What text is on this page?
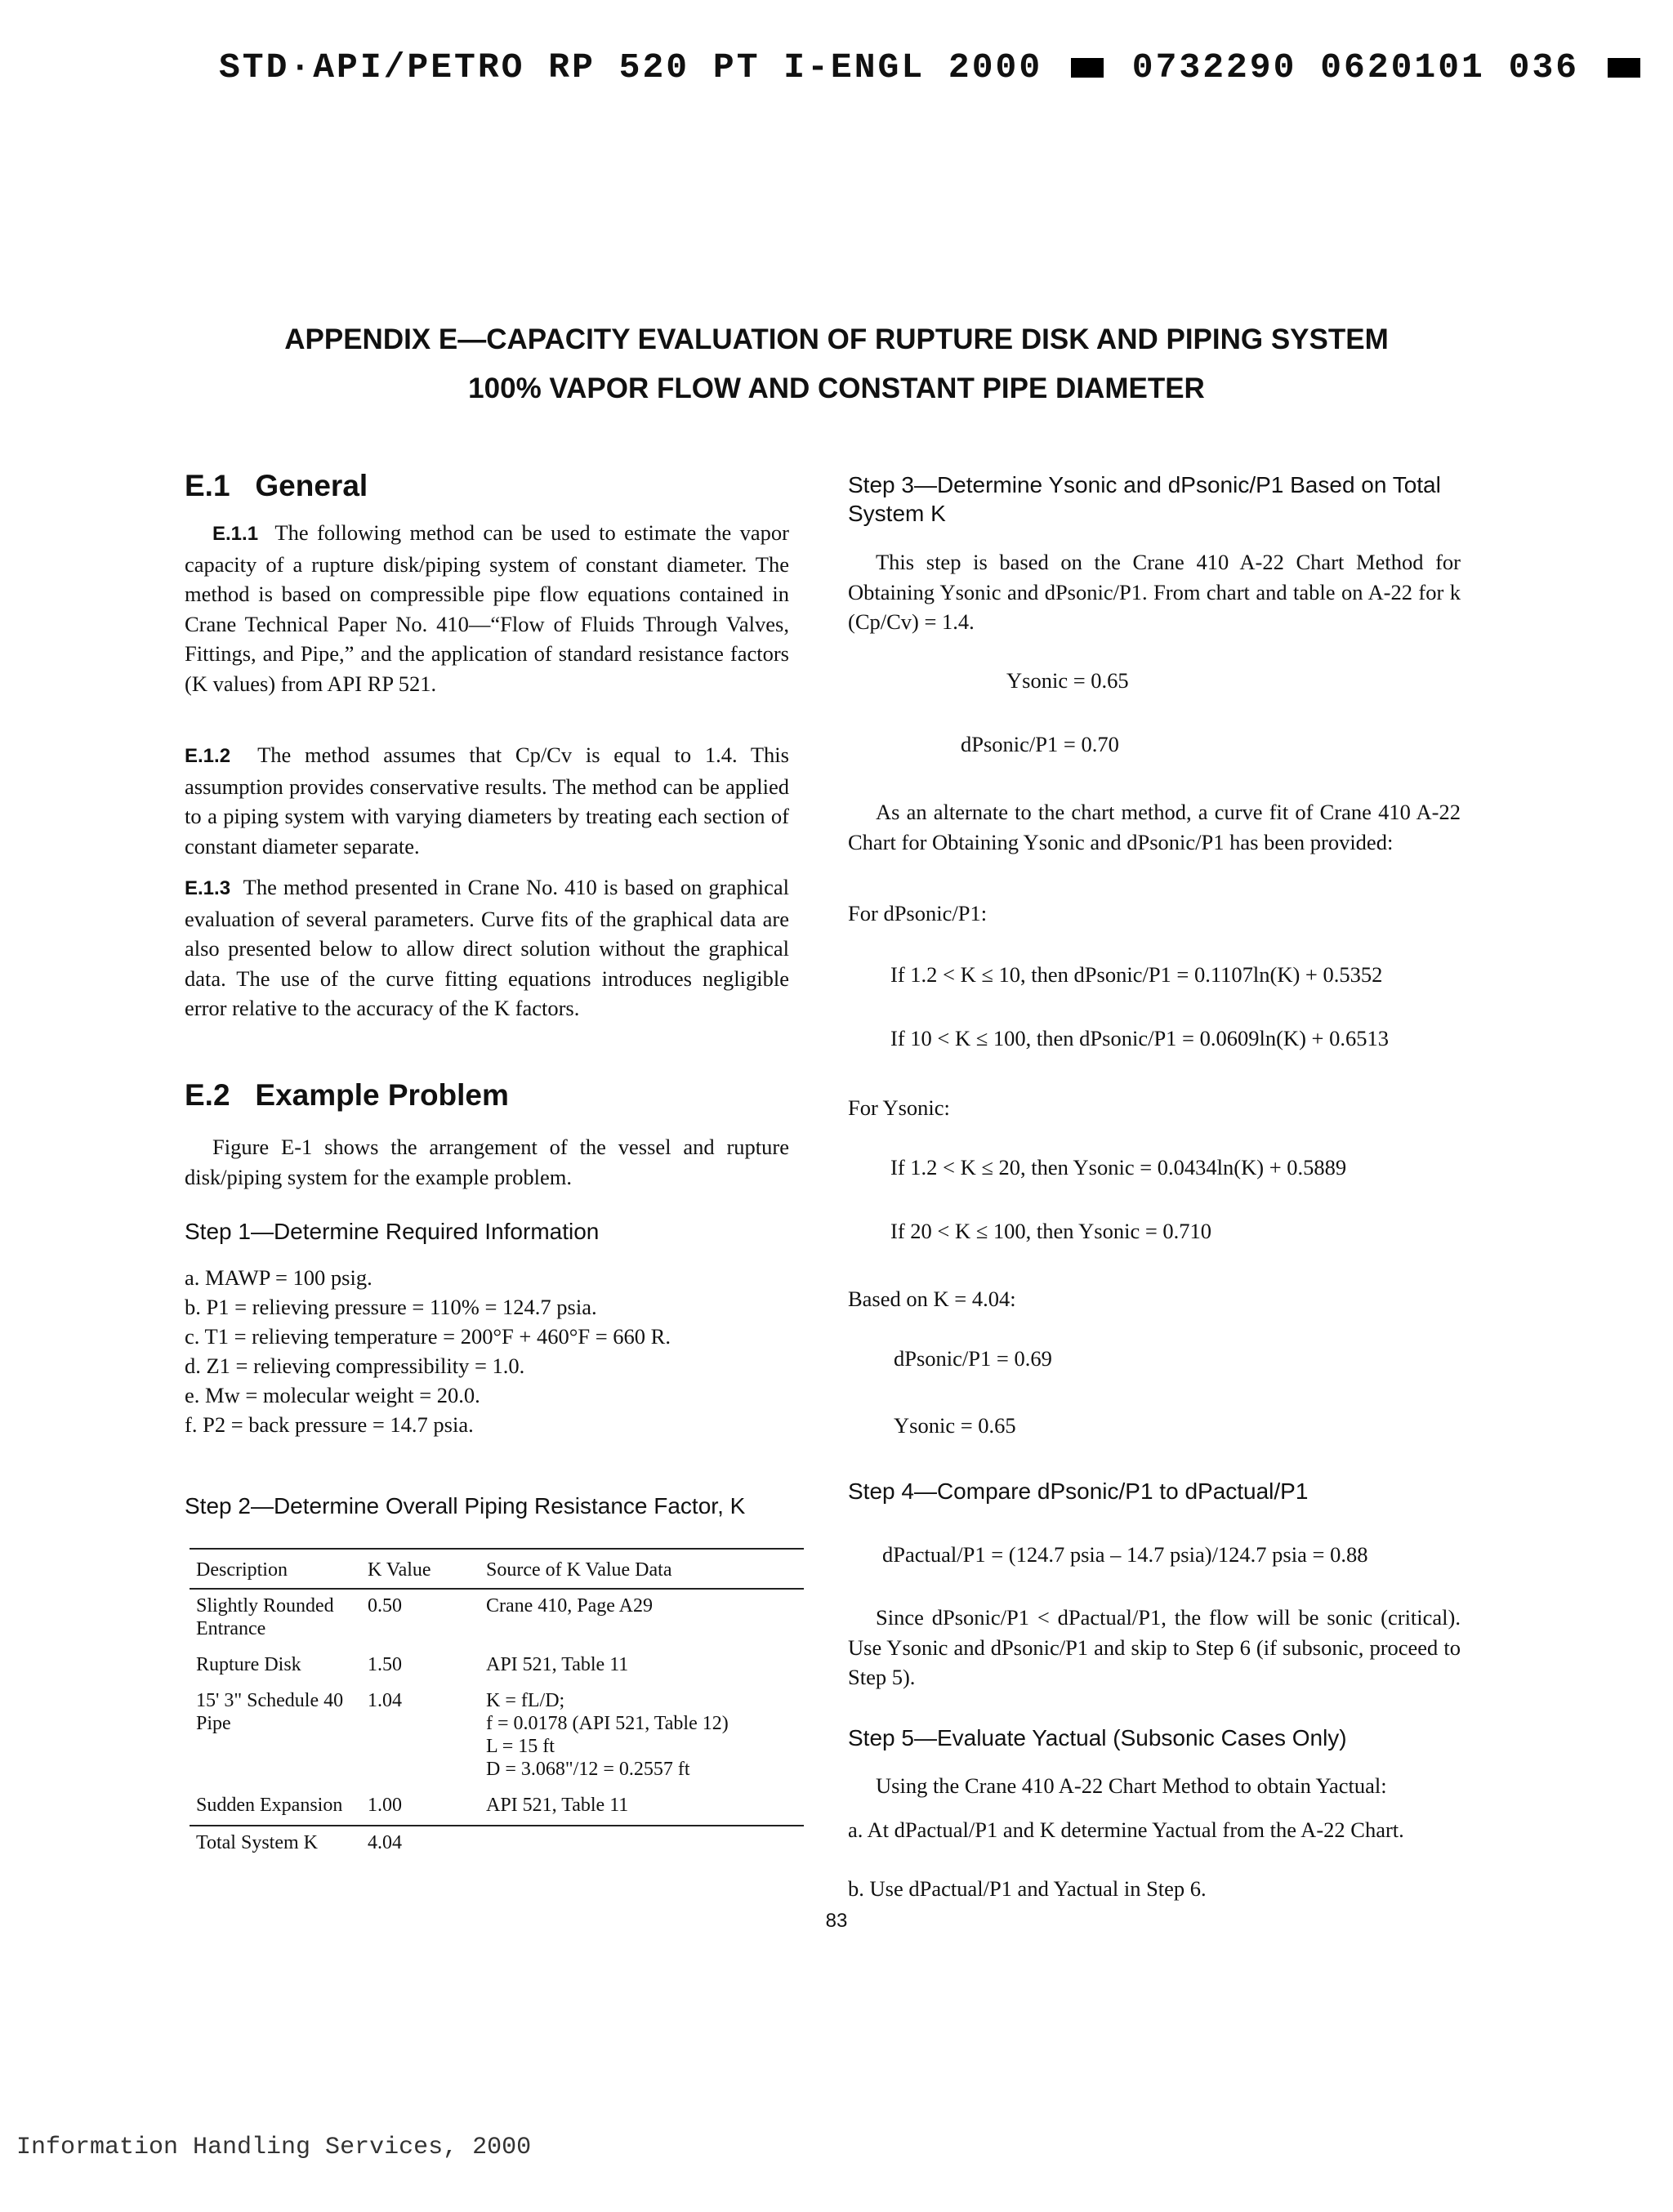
STD·API/PETRO RP 520 PT I-ENGL 2000	0732290 0620101 036
APPENDIX E—CAPACITY EVALUATION OF RUPTURE DISK AND PIPING SYSTEM
100% VAPOR FLOW AND CONSTANT PIPE DIAMETER
E.1 General
E.1.1 The following method can be used to estimate the vapor capacity of a rupture disk/piping system of constant diameter. The method is based on compressible pipe flow equations contained in Crane Technical Paper No. 410—“Flow of Fluids Through Valves, Fittings, and Pipe,” and the application of standard resistance factors (K values) from API RP 521.
E.1.2 The method assumes that Cp/Cv is equal to 1.4. This assumption provides conservative results. The method can be applied to a piping system with varying diameters by treating each section of constant diameter separate.
E.1.3 The method presented in Crane No. 410 is based on graphical evaluation of several parameters. Curve fits of the graphical data are also presented below to allow direct solution without the graphical data. The use of the curve fitting equations introduces negligible error relative to the accuracy of the K factors.
E.2 Example Problem
Figure E-1 shows the arrangement of the vessel and rupture disk/piping system for the example problem.
Step 1—Determine Required Information
a. MAWP = 100 psig.
b. P1 = relieving pressure = 110% = 124.7 psia.
c. T1 = relieving temperature = 200°F + 460°F = 660 R.
d. Z1 = relieving compressibility = 1.0.
e. Mw = molecular weight = 20.0.
f. P2 = back pressure = 14.7 psia.
Step 2—Determine Overall Piping Resistance Factor, K
Description	K Value	Source of K Value Data
Slightly Rounded Entrance	0.50	Crane 410, Page A29
Rupture Disk	1.50	API 521, Table 11
15' 3" Schedule 40 Pipe	1.04	K = fL/D;
f = 0.0178 (API 521, Table 12)
L = 15 ft
D = 3.068"/12 = 0.2557 ft
Sudden Expansion	1.00	API 521, Table 11
Total System K	4.04	
Step 3—Determine Ysonic and dPsonic/P1 Based on Total System K
This step is based on the Crane 410 A-22 Chart Method for Obtaining Ysonic and dPsonic/P1. From chart and table on A-22 for k (Cp/Cv) = 1.4.
Ysonic = 0.65
dPsonic/P1 = 0.70
As an alternate to the chart method, a curve fit of Crane 410 A-22 Chart for Obtaining Ysonic and dPsonic/P1 has been provided:
For dPsonic/P1:
If 1.2 < K ≤ 10, then dPsonic/P1 = 0.1107ln(K) + 0.5352
If 10 < K ≤ 100, then dPsonic/P1 = 0.0609ln(K) + 0.6513
For Ysonic:
If 1.2 < K ≤ 20, then Ysonic = 0.0434ln(K) + 0.5889
If 20 < K ≤ 100, then Ysonic = 0.710
Based on K = 4.04:
dPsonic/P1 = 0.69
Ysonic = 0.65
Step 4—Compare dPsonic/P1 to dPactual/P1
dPactual/P1 = (124.7 psia – 14.7 psia)/124.7 psia = 0.88
Since dPsonic/P1 < dPactual/P1, the flow will be sonic (critical). Use Ysonic and dPsonic/P1 and skip to Step 6 (if subsonic, proceed to Step 5).
Step 5—Evaluate Yactual (Subsonic Cases Only)
Using the Crane 410 A-22 Chart Method to obtain Yactual:
a. At dPactual/P1 and K determine Yactual from the A-22 Chart.
b. Use dPactual/P1 and Yactual in Step 6.
83
Information Handling Services, 2000
